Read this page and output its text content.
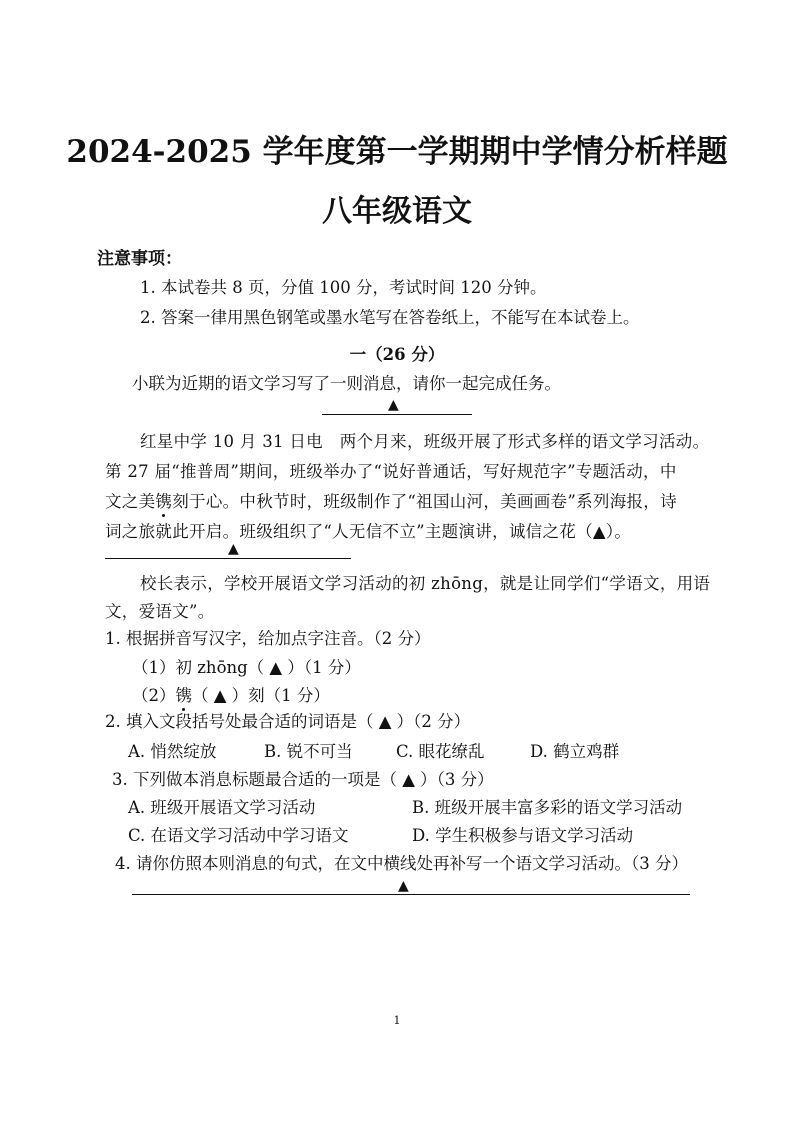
2024-2025 学年度第一学期期中学情分析样题
八年级语文
注意事项：
1. 本试卷共 8 页，分值 100 分，考试时间 120 分钟。
2. 答案一律用黑色钢笔或墨水笔写在答卷纸上，不能写在本试卷上。
一（26 分）
小联为近期的语文学习写了一则消息，请你一起完成任务。
▲
红星中学 10 月 31 日电　两个月来，班级开展了形式多样的语文学习活动。
第 27 届“推普周”期间，班级举办了“说好普通话，写好规范字”专题活动，中
文之美镌刻于心。中秋节时，班级制作了“祖国山河，美画画卷”系列海报，诗
词之旅就此开启。班级组织了“人无信不立”主题演讲，诚信之花（▲）。
▲
校长表示，学校开展语文学习活动的初 zhōng，就是让同学们“学语文，用语
文，爱语文”。
1. 根据拼音写汉字，给加点字注音。（2 分）
（1）初 zhōng（ ▲ ）（1 分）
（2）镌（ ▲ ）刻（1 分）
2. 填入文段括号处最合适的词语是（ ▲ ）（2 分）
A. 悄然绽放	B. 锐不可当	C. 眼花缭乱	D. 鹤立鸡群
3. 下列做本消息标题最合适的一项是（ ▲ ）（3 分）
A. 班级开展语文学习活动	B. 班级开展丰富多彩的语文学习活动
C. 在语文学习活动中学习语文	D. 学生积极参与语文学习活动
4. 请你仿照本则消息的句式，在文中横线处再补写一个语文学习活动。（3 分）
▲
1
